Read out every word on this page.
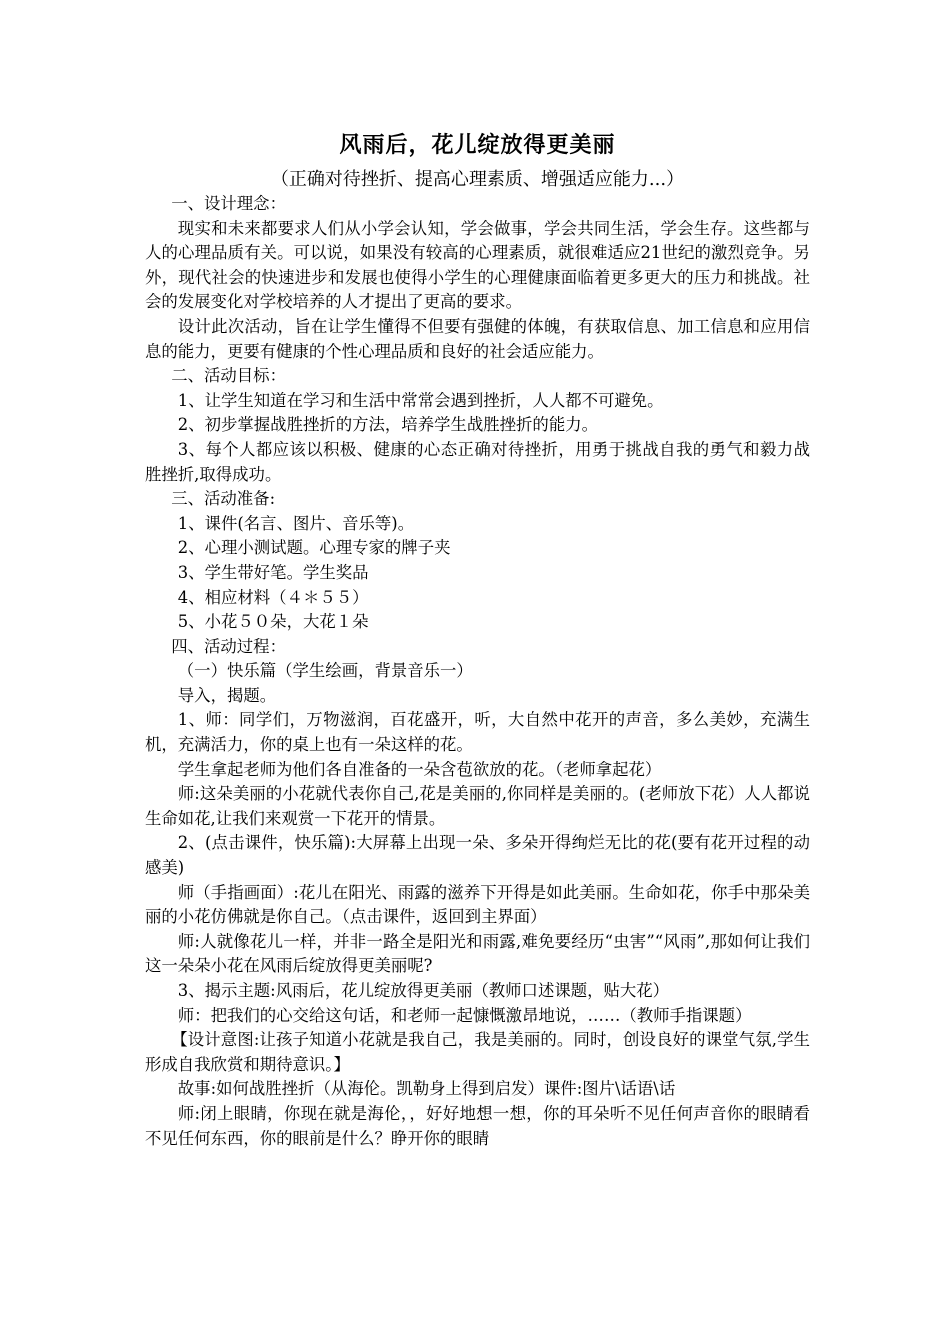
风雨后，花儿绽放得更美丽

（正确对待挫折、提高心理素质、增强适应能力...）

一、设计理念：

现实和未来都要求人们从小学会认知，学会做事，学会共同生活，学会生存。这些都与人的心理品质有关。可以说，如果没有较高的心理素质，就很难适应21世纪的激烈竞争。另外，现代社会的快速进步和发展也使得小学生的心理健康面临着更多更大的压力和挑战。社会的发展变化对学校培养的人才提出了更高的要求。

设计此次活动，旨在让学生懂得不但要有强健的体魄，有获取信息、加工信息和应用信息的能力，更要有健康的个性心理品质和良好的社会适应能力。

二、活动目标：

1、让学生知道在学习和生活中常常会遇到挫折，人人都不可避免。

2、初步掌握战胜挫折的方法，培养学生战胜挫折的能力。

3、每个人都应该以积极、健康的心态正确对待挫折，用勇于挑战自我的勇气和毅力战胜挫折,取得成功。

三、活动准备:

1、课件(名言、图片、音乐等)。

2、心理小测试题。心理专家的牌子夹

3、学生带好笔。学生奖品

4、相应材料（４＊５５）

5、小花５０朵，大花１朵

四、活动过程：

（一）快乐篇（学生绘画，背景音乐一）

导入，揭题。

1、师：同学们，万物滋润，百花盛开，听，大自然中花开的声音，多么美妙，充满生机，充满活力，你的桌上也有一朵这样的花。

学生拿起老师为他们各自准备的一朵含苞欲放的花。（老师拿起花）

师:这朵美丽的小花就代表你自己,花是美丽的,你同样是美丽的。(老师放下花）人人都说生命如花,让我们来观赏一下花开的情景。

2、(点击课件，快乐篇):大屏幕上出现一朵、多朵开得绚烂无比的花(要有花开过程的动感美)

师（手指画面）:花儿在阳光、雨露的滋养下开得是如此美丽。生命如花，你手中那朵美丽的小花仿佛就是你自己。（点击课件，返回到主界面）

师:人就像花儿一样，并非一路全是阳光和雨露,难免要经历“虫害”“风雨”,那如何让我们这一朵朵小花在风雨后绽放得更美丽呢?

3、揭示主题:风雨后，花儿绽放得更美丽（教师口述课题，贴大花）

师：把我们的心交给这句话，和老师一起慷慨激昂地说，……（教师手指课题）

【设计意图:让孩子知道小花就是我自己，我是美丽的。同时，创设良好的课堂气氛,学生形成自我欣赏和期待意识。】

故事:如何战胜挫折（从海伦。凯勒身上得到启发）课件:图片\话语\话

师:闭上眼睛，你现在就是海伦，，好好地想一想，你的耳朵听不见任何声音你的眼睛看不见任何东西，你的眼前是什么？睁开你的眼睛
